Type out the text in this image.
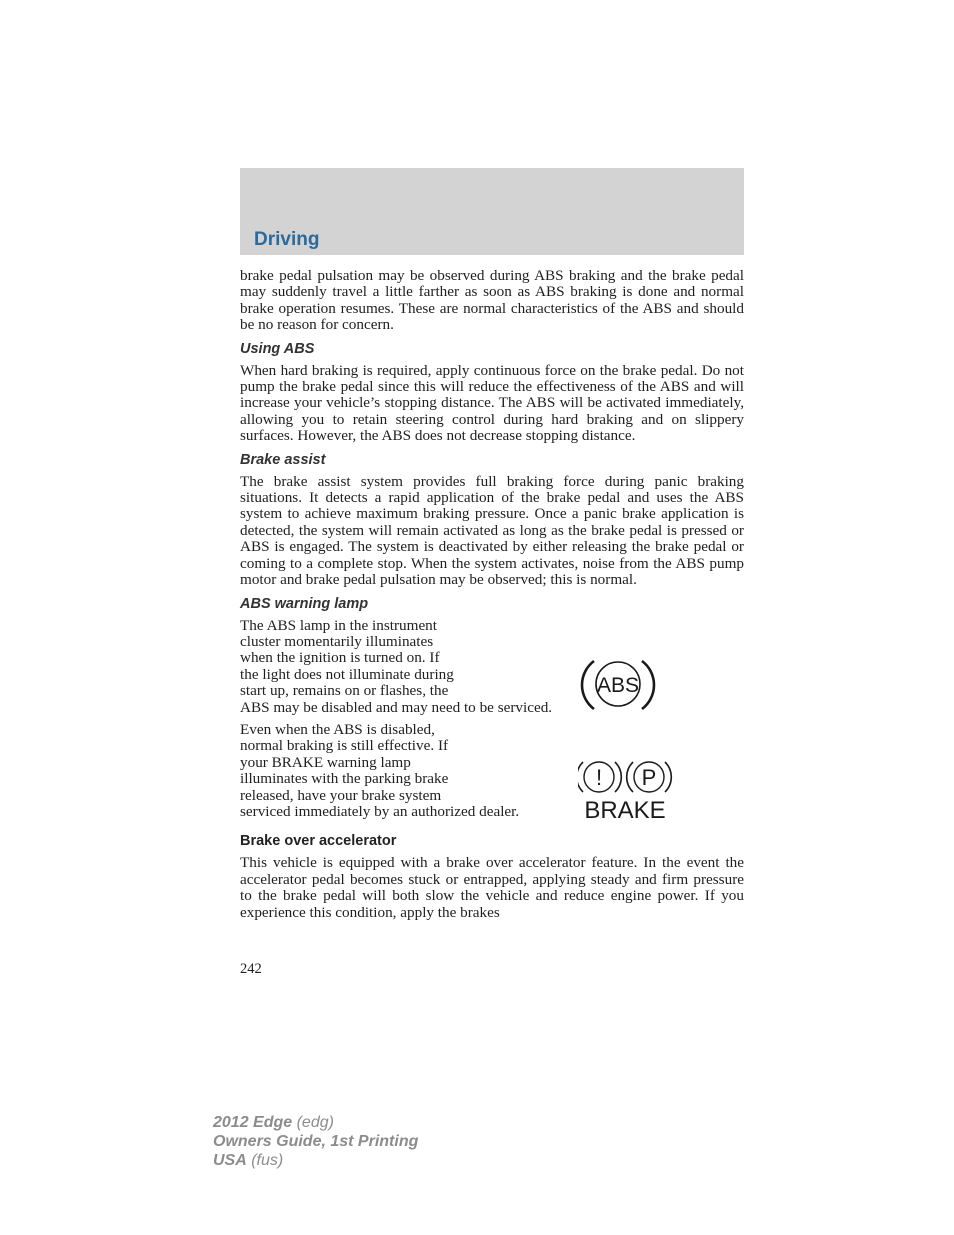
Driving

brake pedal pulsation may be observed during ABS braking and the brake pedal may suddenly travel a little farther as soon as ABS braking is done and normal brake operation resumes. These are normal characteristics of the ABS and should be no reason for concern.

Using ABS

When hard braking is required, apply continuous force on the brake pedal. Do not pump the brake pedal since this will reduce the effectiveness of the ABS and will increase your vehicle’s stopping distance. The ABS will be activated immediately, allowing you to retain steering control during hard braking and on slippery surfaces. However, the ABS does not decrease stopping distance.

Brake assist

The brake assist system provides full braking force during panic braking situations. It detects a rapid application of the brake pedal and uses the ABS system to achieve maximum braking pressure. Once a panic brake application is detected, the system will remain activated as long as the brake pedal is pressed or ABS is engaged. The system is deactivated by either releasing the brake pedal or coming to a complete stop. When the system activates, noise from the ABS pump motor and brake pedal pulsation may be observed; this is normal.

ABS warning lamp
The ABS lamp in the instrument
cluster momentarily illuminates
when the ignition is turned on. If
the light does not illuminate during
start up, remains on or flashes, the
ABS may be disabled and may need to be serviced.
Even when the ABS is disabled,
normal braking is still effective. If
your BRAKE warning lamp
illuminates with the parking brake
released, have your brake system
serviced immediately by an authorized dealer.
Brake over accelerator

This vehicle is equipped with a brake over accelerator feature. In the event the accelerator pedal becomes stuck or entrapped, applying steady and firm pressure to the brake pedal will both slow the vehicle and reduce engine power. If you experience this condition, apply the brakes

ABS
! P
BRAKE
242
2012 Edge (edg)
Owners Guide, 1st Printing
USA (fus)
